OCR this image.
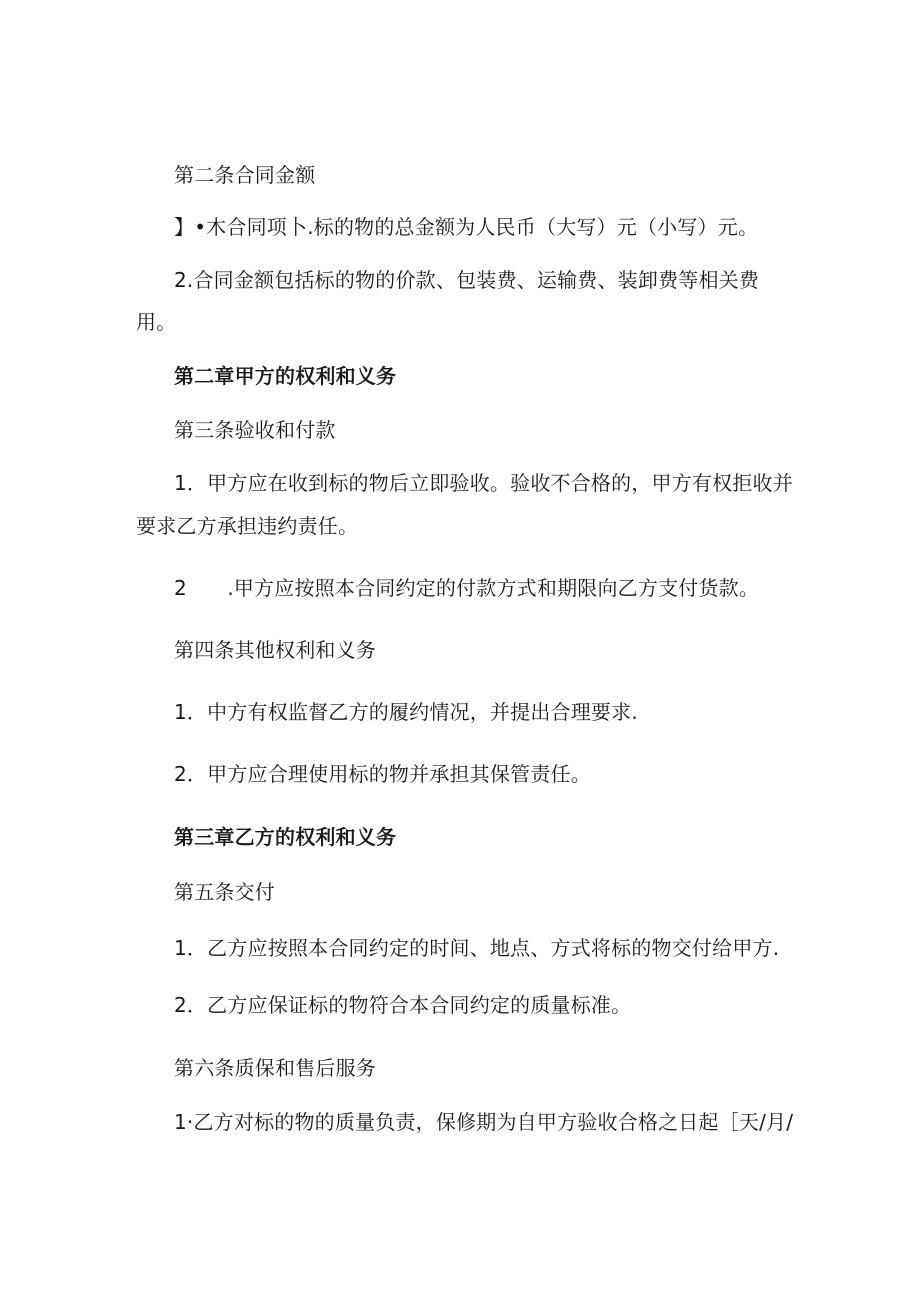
第二条合同金额
】•木合同项卜.标的物的总金额为人民币（大写）元（小写）元。
2.合同金额包括标的物的价款、包装费、运输费、装卸费等相关费
用。
第二章甲方的权利和义务
第三条验收和付款
1．甲方应在收到标的物后立即验收。验收不合格的，甲方有权拒收并
要求乙方承担违约责任。
2　　.甲方应按照本合同约定的付款方式和期限向乙方支付货款。
第四条其他权利和义务
1．中方有权监督乙方的履约情况，并提出合理要求.
2．甲方应合理使用标的物并承担其保管责任。
第三章乙方的权利和义务
第五条交付
1．乙方应按照本合同约定的时间、地点、方式将标的物交付给甲方.
2．乙方应保证标的物符合本合同约定的质量标准。
第六条质保和售后服务
1·乙方对标的物的质量负责，保修期为自甲方验收合格之日起［天/月/
